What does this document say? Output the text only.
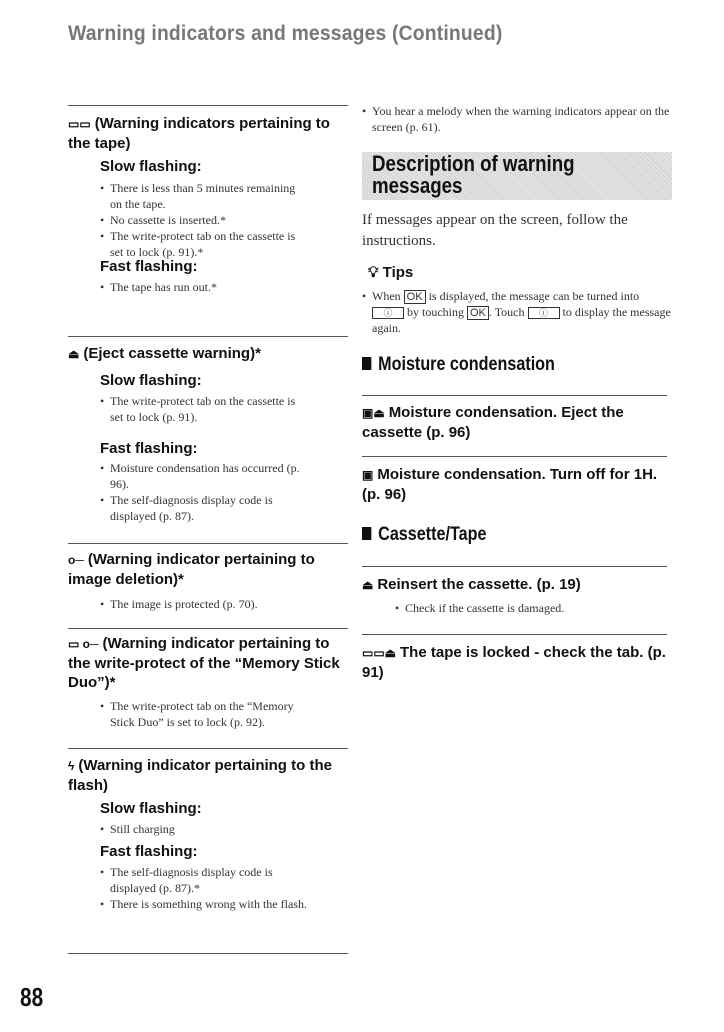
Warning indicators and messages (Continued)
▭▭ (Warning indicators pertaining to the tape)
Slow flashing:
• There is less than 5 minutes remaining on the tape.
• No cassette is inserted.*
• The write-protect tab on the cassette is set to lock (p. 91).*
Fast flashing:
• The tape has run out.*
⏏ (Eject cassette warning)*
Slow flashing:
• The write-protect tab on the cassette is set to lock (p. 91).
Fast flashing:
• Moisture condensation has occurred (p. 96).
• The self-diagnosis display code is displayed (p. 87).
o─ (Warning indicator pertaining to image deletion)*
• The image is protected (p. 70).
▭ o─ (Warning indicator pertaining to the write-protect of the “Memory Stick Duo”)*
• The write-protect tab on the “Memory Stick Duo” is set to lock (p. 92).
ϟ (Warning indicator pertaining to the flash)
Slow flashing:
• Still charging
Fast flashing:
• The self-diagnosis display code is displayed (p. 87).*
• There is something wrong with the flash.
88
• You hear a melody when the warning indicators appear on the screen (p. 61).
Description of warning messages
If messages appear on the screen, follow the instructions.
💡︎ Tips
• When OK is displayed, the message can be turned into ⓘ by touching OK . Touch ⓘ to display the message again.
Moisture condensation
▣⏏ Moisture condensation. Eject the cassette (p. 96)
▣ Moisture condensation. Turn off for 1H. (p. 96)
Cassette/Tape
⏏ Reinsert the cassette. (p. 19)
• Check if the cassette is damaged.
▭▭⏏ The tape is locked - check the tab. (p. 91)
